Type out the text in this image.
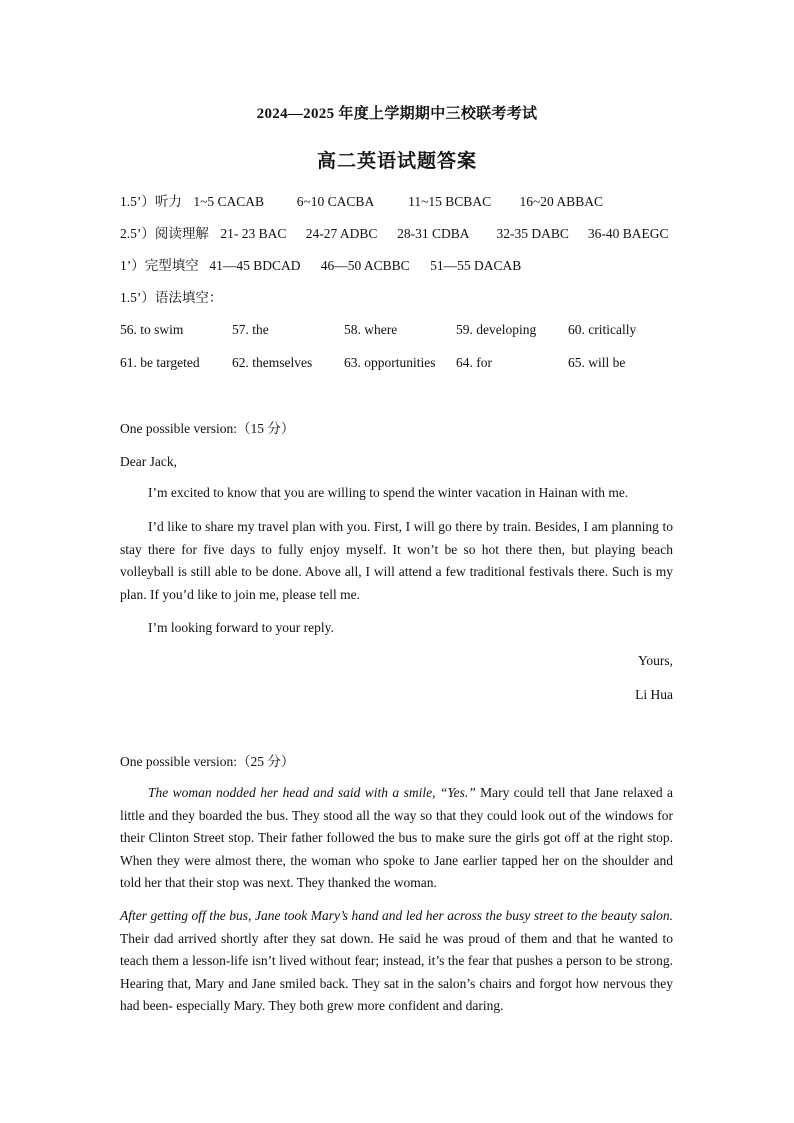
2024—2025 年度上学期期中三校联考考试
高二英语试题答案
1.5’）听力 1~5 CACAB 6~10 CACBA	11~15 BCBAC 16~20 ABBAC
2.5’）阅读理解 21- 23 BAC 24-27 ADBC 28-31 CDBA 32-35 DABC 36-40 BAEGC
1’）完型填空 41—45 BDCAD 46—50 ACBBC 51—55 DACAB
1.5’）语法填空：
56. to swim	57. the	58. where	59. developing 60. critically
61. be targeted 62. themselves 63. opportunities 64. for	65. will be
One possible version:（15 分）
Dear Jack,
I’m excited to know that you are willing to spend the winter vacation in Hainan with me.
I’d like to share my travel plan with you. First, I will go there by train. Besides, I am planning to stay there for five days to fully enjoy myself. It won’t be so hot there then, but playing beach volleyball is still able to be done. Above all, I will attend a few traditional festivals there. Such is my plan. If you’d like to join me, please tell me.
I’m looking forward to your reply.
Yours,
Li Hua
One possible version:（25 分）
The woman nodded her head and said with a smile, “Yes.” Mary could tell that Jane relaxed a little and they boarded the bus. They stood all the way so that they could look out of the windows for their Clinton Street stop. Their father followed the bus to make sure the girls got off at the right stop. When they were almost there, the woman who spoke to Jane earlier tapped her on the shoulder and told her that their stop was next. They thanked the woman.
After getting off the bus, Jane took Mary’s hand and led her across the busy street to the beauty salon. Their dad arrived shortly after they sat down. He said he was proud of them and that he wanted to teach them a lesson-life isn’t lived without fear; instead, it’s the fear that pushes a person to be strong. Hearing that, Mary and Jane smiled back. They sat in the salon’s chairs and forgot how nervous they had been- especially Mary. They both grew more confident and daring.
